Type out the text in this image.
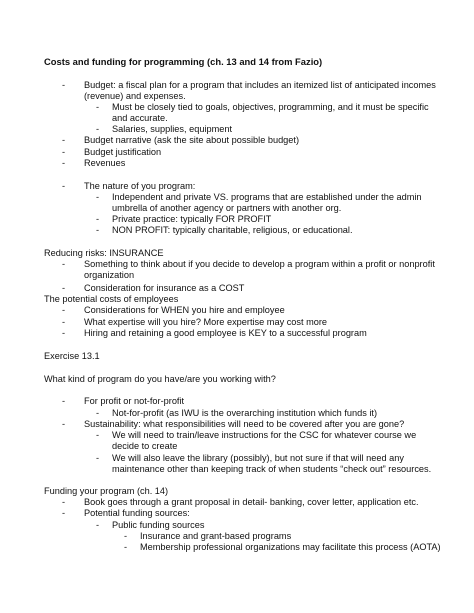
Costs and funding for programming (ch. 13 and 14 from Fazio)
- Budget: a fiscal plan for a program that includes an itemized list of anticipated incomes
(revenue) and expenses.
- Must be closely tied to goals, objectives, programming, and it must be specific
and accurate.
- Salaries, supplies, equipment
- Budget narrative (ask the site about possible budget)
- Budget justification
- Revenues
- The nature of you program:
- Independent and private VS. programs that are established under the admin
umbrella of another agency or partners with another org.
- Private practice: typically FOR PROFIT
- NON PROFIT: typically charitable, religious, or educational.
Reducing risks: INSURANCE
- Something to think about if you decide to develop a program within a profit or nonprofit
organization
- Consideration for insurance as a COST
The potential costs of employees
- Considerations for WHEN you hire and employee
- What expertise will you hire? More expertise may cost more
- Hiring and retaining a good employee is KEY to a successful program
Exercise 13.1
What kind of program do you have/are you working with?
- For profit or not-for-profit
- Not-for-profit (as IWU is the overarching institution which funds it)
- Sustainability: what responsibilities will need to be covered after you are gone?
- We will need to train/leave instructions for the CSC for whatever course we
decide to create
- We will also leave the library (possibly), but not sure if that will need any
maintenance other than keeping track of when students “check out” resources.
Funding your program (ch. 14)
- Book goes through a grant proposal in detail- banking, cover letter, application etc.
- Potential funding sources:
- Public funding sources
- Insurance and grant-based programs
- Membership professional organizations may facilitate this process (AOTA)
